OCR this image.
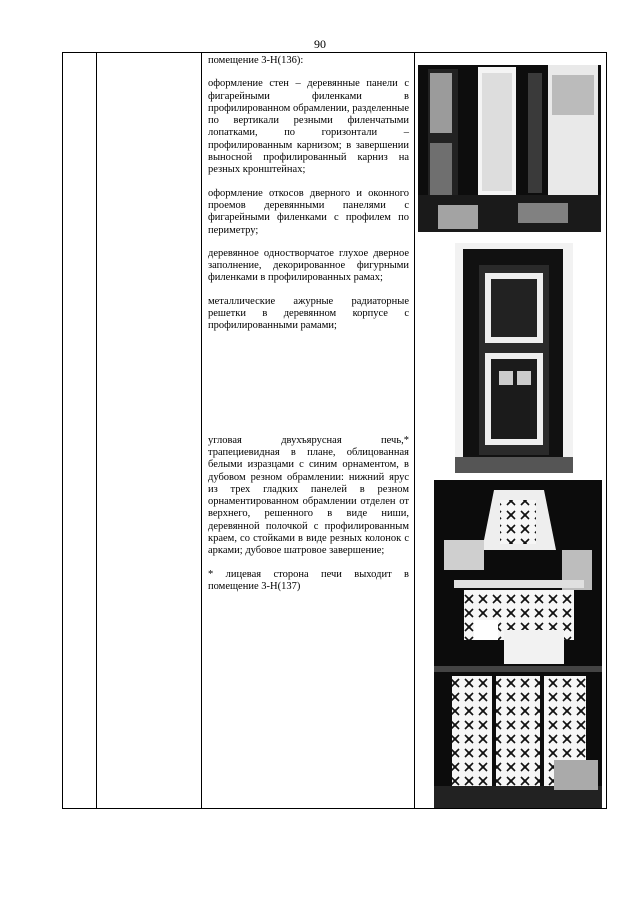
90

помещение 3-Н(136):

оформление стен – деревянные панели с фигарейными филенками в профилированном обрамлении, разделенные по вертикали резными филенчатыми лопатками, по горизонтали – профилированным карнизом; в завершении выносной профилированный карниз на резных кронштейнах;

оформление откосов дверного и оконного проемов деревянными панелями с фигарейными филенками с профилем по периметру;

деревянное одностворчатое глухое дверное заполнение, декорированное фигурными филенками в профилированных рамах;

металлические ажурные радиаторные решетки в деревянном корпусе с профилированными рамами;

угловая двухъярусная печь,* трапециевидная в плане, облицованная белыми изразцами с синим орнаментом, в дубовом резном обрамлении: нижний ярус из трех гладких панелей в резном орнаментированном обрамлении отделен от верхнего, решенного в виде ниши, деревянной полочкой с профилированным краем, со стойками в виде резных колонок с арками; дубовое шатровое завершение;

* лицевая сторона печи выходит в помещение 3-Н(137)
